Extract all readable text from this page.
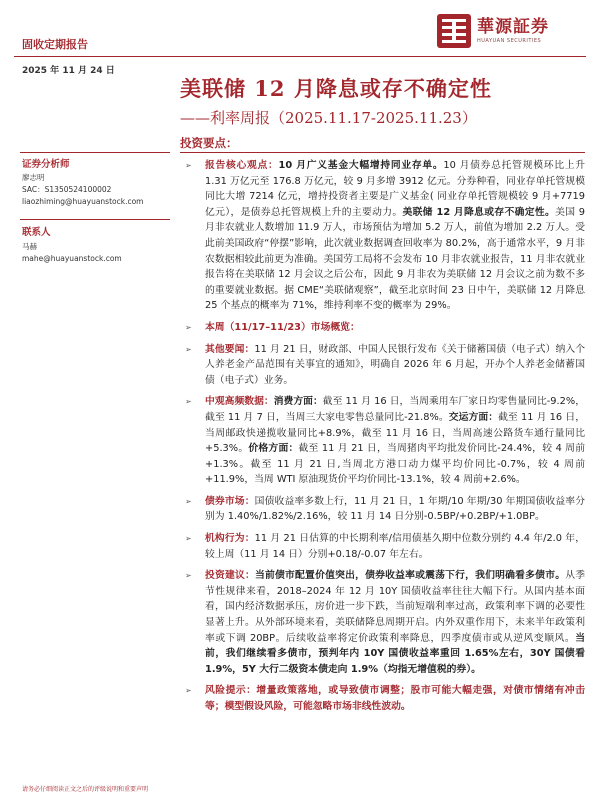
固收定期报告
華源証券
HUAYUAN SECURITIES
2025 年 11 月 24 日
美联储 12 月降息或存不确定性
——利率周报（2025.11.17-2025.11.23）
投资要点：
证券分析师
廖志明
SAC：S1350524100002
liaozhiming@huayuanstock.com
联系人
马赫
mahe@huayuanstock.com
➢ 报告核心观点：10 月广义基金大幅增持同业存单。10 月债券总托管规模环比上升 1.31 万亿元至 176.8 万亿元，较 9 月多增 3912 亿元。分券种看，同业存单托管规模同比大增 7214 亿元，增持投资者主要是广义基金( 同业存单托管规模较 9 月+7719 亿元），是债券总托管规模上升的主要动力。美联储 12 月降息或存不确定性。美国 9 月非农就业人数增加 11.9 万人，市场预估为增加 5.2 万人，前值为增加 2.2 万人。受此前美国政府“停摆”影响，此次就业数据调查回收率为 80.2%，高于通常水平，9 月非农数据相较此前更为准确。美国劳工局将不会发布 10 月非农就业报告，11 月非农就业报告将在美联储 12 月会议之后公布，因此 9 月非农为美联储 12 月会议之前为数不多的重要就业数据。据 CME“美联储观察”，截至北京时间 23 日中午，美联储 12 月降息 25 个基点的概率为 71%，维持利率不变的概率为 29%。
➢ 本周（11/17–11/23）市场概览：
➢ 其他要闻：11 月 21 日，财政部、中国人民银行发布《关于储蓄国债（电子式）纳入个人养老金产品范围有关事宜的通知》，明确自 2026 年 6 月起，开办个人养老金储蓄国债（电子式）业务。
➢ 中观高频数据：消费方面：截至 11 月 16 日，当周乘用车厂家日均零售量同比-9.2%，截至 11 月 7 日，当周三大家电零售总量同比-21.8%。交运方面：截至 11 月 16 日，当周邮政快递揽收量同比+8.9%，截至 11 月 16 日，当周高速公路货车通行量同比+5.3%。价格方面：截至 11 月 21 日，当周猪肉平均批发价同比-24.4%，较 4 周前+1.3%。截至 11 月 21 日,当周北方港口动力煤平均价同比-0.7%，较 4 周前+11.9%，当周 WTI 原油现货价平均价同比-13.1%，较 4 周前+2.6%。
➢ 债券市场：国债收益率多数上行，11 月 21 日，1 年期/10 年期/30 年期国债收益率分别为 1.40%/1.82%/2.16%，较 11 月 14 日分别-0.5BP/+0.2BP/+1.0BP。
➢ 机构行为：11 月 21 日估算的中长期利率/信用债基久期中位数分别约 4.4 年/2.0 年，较上周（11 月 14 日）分别+0.18/-0.07 年左右。
➢ 投资建议：当前债市配置价值突出，债券收益率或震荡下行，我们明确看多债市。从季节性规律来看，2018–2024 年 12 月 10Y 国债收益率往往大幅下行。从国内基本面看，国内经济数据承压，房价进一步下跌，当前短端利率过高，政策利率下调的必要性显著上升。从外部环境来看，美联储降息周期开启。内外双重作用下，未来半年政策利率或下调 20BP。后续收益率将定价政策利率降息，四季度债市或从逆风变顺风。当前，我们继续看多债市，预判年内 10Y 国债收益率重回 1.65%左右，30Y 国债看 1.9%，5Y 大行二级资本债走向 1.9%（均指无增值税的券）。
➢ 风险提示：增量政策落地，或导致债市调整；股市可能大幅走强，对债市情绪有冲击等；模型假设风险，可能忽略市场非线性波动。
请务必仔细阅读正文之后的评级说明和重要声明
